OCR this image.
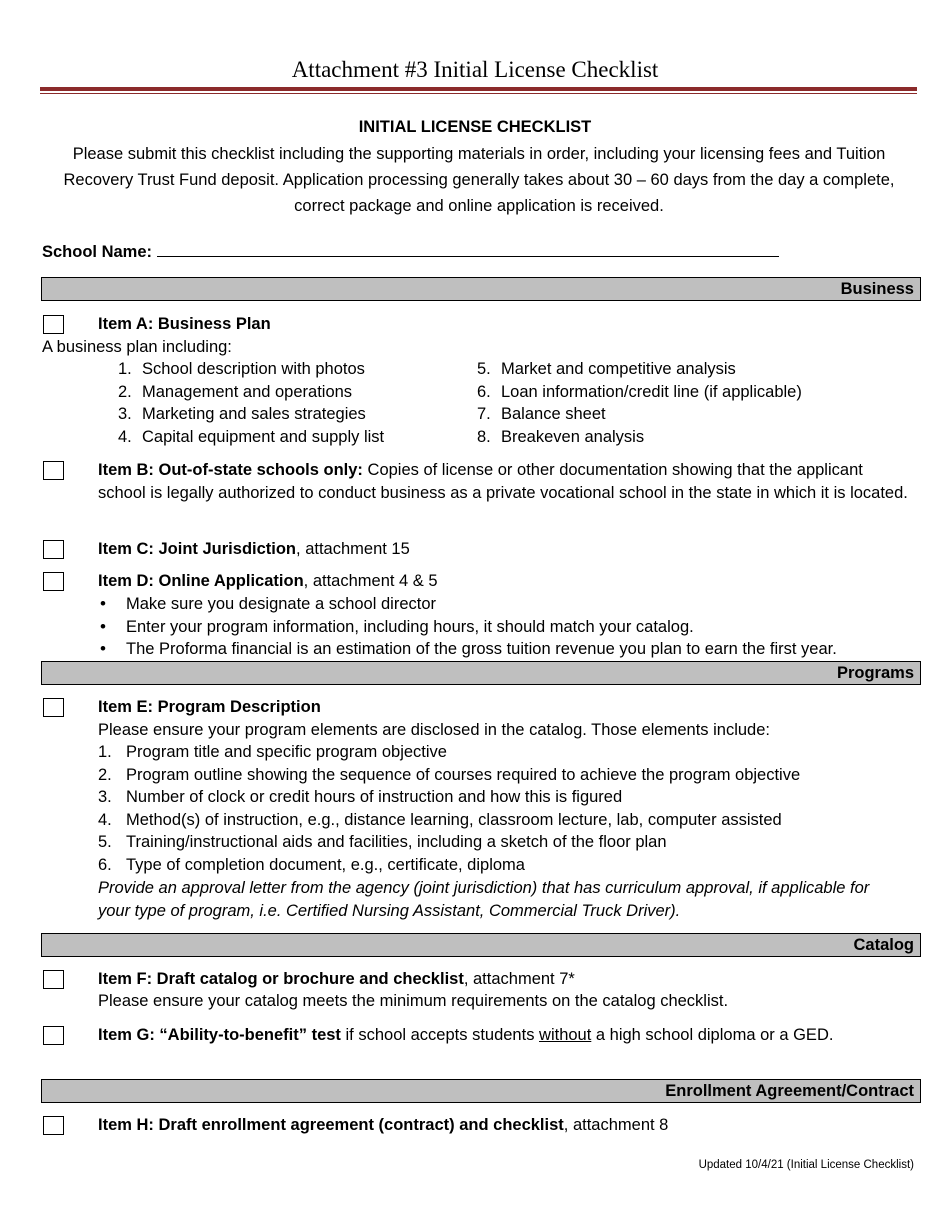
Attachment #3 Initial License Checklist
INITIAL LICENSE CHECKLIST
Please submit this checklist including the supporting materials in order, including your licensing fees and Tuition Recovery Trust Fund deposit. Application processing generally takes about 30 – 60 days from the day a complete, correct package and online application is received.
School Name:
Business
Item A: Business Plan
A business plan including:
1. School description with photos
2. Management and operations
3. Marketing and sales strategies
4. Capital equipment and supply list
5. Market and competitive analysis
6. Loan information/credit line (if applicable)
7. Balance sheet
8. Breakeven analysis
Item B: Out-of-state schools only: Copies of license or other documentation showing that the applicant school is legally authorized to conduct business as a private vocational school in the state in which it is located.
Item C: Joint Jurisdiction, attachment 15
Item D: Online Application, attachment 4 & 5
• Make sure you designate a school director
• Enter your program information, including hours, it should match your catalog.
• The Proforma financial is an estimation of the gross tuition revenue you plan to earn the first year.
Programs
Item E: Program Description
Please ensure your program elements are disclosed in the catalog. Those elements include:
1. Program title and specific program objective
2. Program outline showing the sequence of courses required to achieve the program objective
3. Number of clock or credit hours of instruction and how this is figured
4. Method(s) of instruction, e.g., distance learning, classroom lecture, lab, computer assisted
5. Training/instructional aids and facilities, including a sketch of the floor plan
6. Type of completion document, e.g., certificate, diploma
Provide an approval letter from the agency (joint jurisdiction) that has curriculum approval, if applicable for your type of program, i.e. Certified Nursing Assistant, Commercial Truck Driver).
Catalog
Item F: Draft catalog or brochure and checklist, attachment 7*
Please ensure your catalog meets the minimum requirements on the catalog checklist.
Item G: “Ability-to-benefit” test if school accepts students without a high school diploma or a GED.
Enrollment Agreement/Contract
Item H: Draft enrollment agreement (contract) and checklist, attachment 8
Updated 10/4/21 (Initial License Checklist)
